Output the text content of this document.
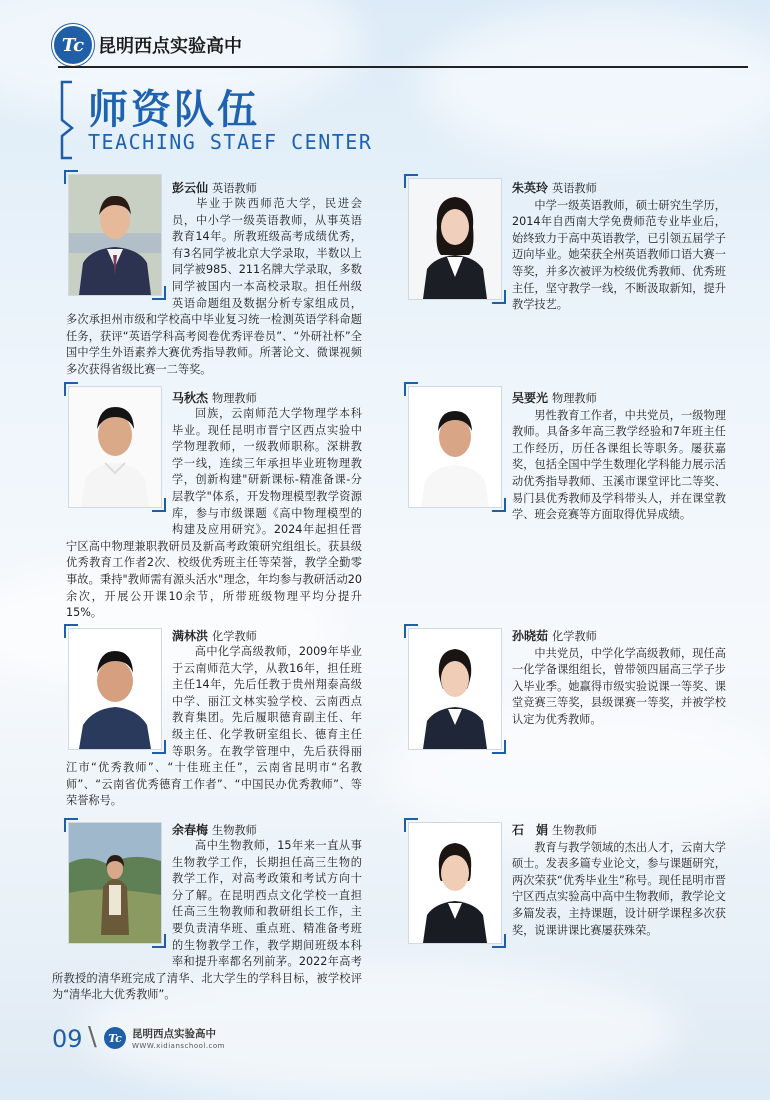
Tc 昆明西点实验高中
师资队伍
TEACHING STAEF CENTER

彭云仙 英语教师

毕业于陕西师范大学，民进会员，中小学一级英语教师，从事英语教育14年。所教班级高考成绩优秀，有3名同学被北京大学录取，半数以上同学被985、211名牌大学录取，多数同学被国内一本高校录取。担任州级英语命题组及数据分析专家组成员，多次承担州市级和学校高中毕业复习统一检测英语学科命题任务，获评“英语学科高考阅卷优秀评卷员”、“外研社杯”全国中学生外语素养大赛优秀指导教师。所著论文、微课视频多次获得省级比赛一二等奖。

朱英玲 英语教师

中学一级英语教师，硕士研究生学历，2014年自西南大学免费师范专业毕业后，始终致力于高中英语教学，已引领五届学子迈向毕业。她荣获全州英语教师口语大赛一等奖，并多次被评为校级优秀教师、优秀班主任，坚守教学一线，不断汲取新知，提升教学技艺。

马秋杰 物理教师

回族，云南师范大学物理学本科毕业。现任昆明市晋宁区西点实验中学物理教师，一级教师职称。深耕教学一线，连续三年承担毕业班物理教学，创新构建"研新课标-精准备课-分层教学"体系，开发物理模型教学资源库，参与市级课题《高中物理模型的构建及应用研究》。2024年起担任晋宁区高中物理兼职教研员及新高考政策研究组组长。获县级优秀教育工作者2次、校级优秀班主任等荣誉，教学全勤零事故。秉持"教师需有源头活水"理念，年均参与教研活动20余次，开展公开课10余节，所带班级物理平均分提升15%。

吴要光 物理教师

男性教育工作者，中共党员，一级物理教师。具备多年高三教学经验和7年班主任工作经历，历任各课组长等职务。屡获嘉奖，包括全国中学生数理化学科能力展示活动优秀指导教师、玉溪市课堂评比二等奖、易门县优秀教师及学科带头人，并在课堂教学、班会竞赛等方面取得优异成绩。

满林洪 化学教师

高中化学高级教师，2009年毕业于云南师范大学，从教16年，担任班主任14年，先后任教于贵州翔泰高级中学、丽江文林实验学校、云南西点教育集团。先后履职德育副主任、年级主任、化学教研室组长、德育主任等职务。在教学管理中，先后获得丽江市“优秀教师”、“十佳班主任”，云南省昆明市“名教师”、“云南省优秀德育工作者”、“中国民办优秀教师”、等荣誉称号。

孙晓茹 化学教师

中共党员，中学化学高级教师，现任高一化学备课组组长，曾带领四届高三学子步入毕业季。她赢得市级实验说课一等奖、课堂竞赛三等奖，县级课赛一等奖，并被学校认定为优秀教师。

余春梅 生物教师

高中生物教师，15年来一直从事生物教学工作，长期担任高三生物的教学工作，对高考政策和考试方向十分了解。在昆明西点文化学校一直担任高三生物教师和教研组长工作，主要负责清华班、重点班、精准备考班的生物教学工作，教学期间班级本科率和提升率都名列前茅。2022年高考所教授的清华班完成了清华、北大学生的学科目标，被学校评为“清华北大优秀教师”。

石　娟 生物教师

教育与教学领域的杰出人才，云南大学硕士。发表多篇专业论文，参与课题研究，两次荣获“优秀毕业生”称号。现任昆明市晋宁区西点实验高中高中生物教师，教学论文多篇发表，主持课题，设计研学课程多次获奖，说课讲课比赛屡获殊荣。

09 \	Tc 昆明西点实验高中
WWW.xidianschool.com
